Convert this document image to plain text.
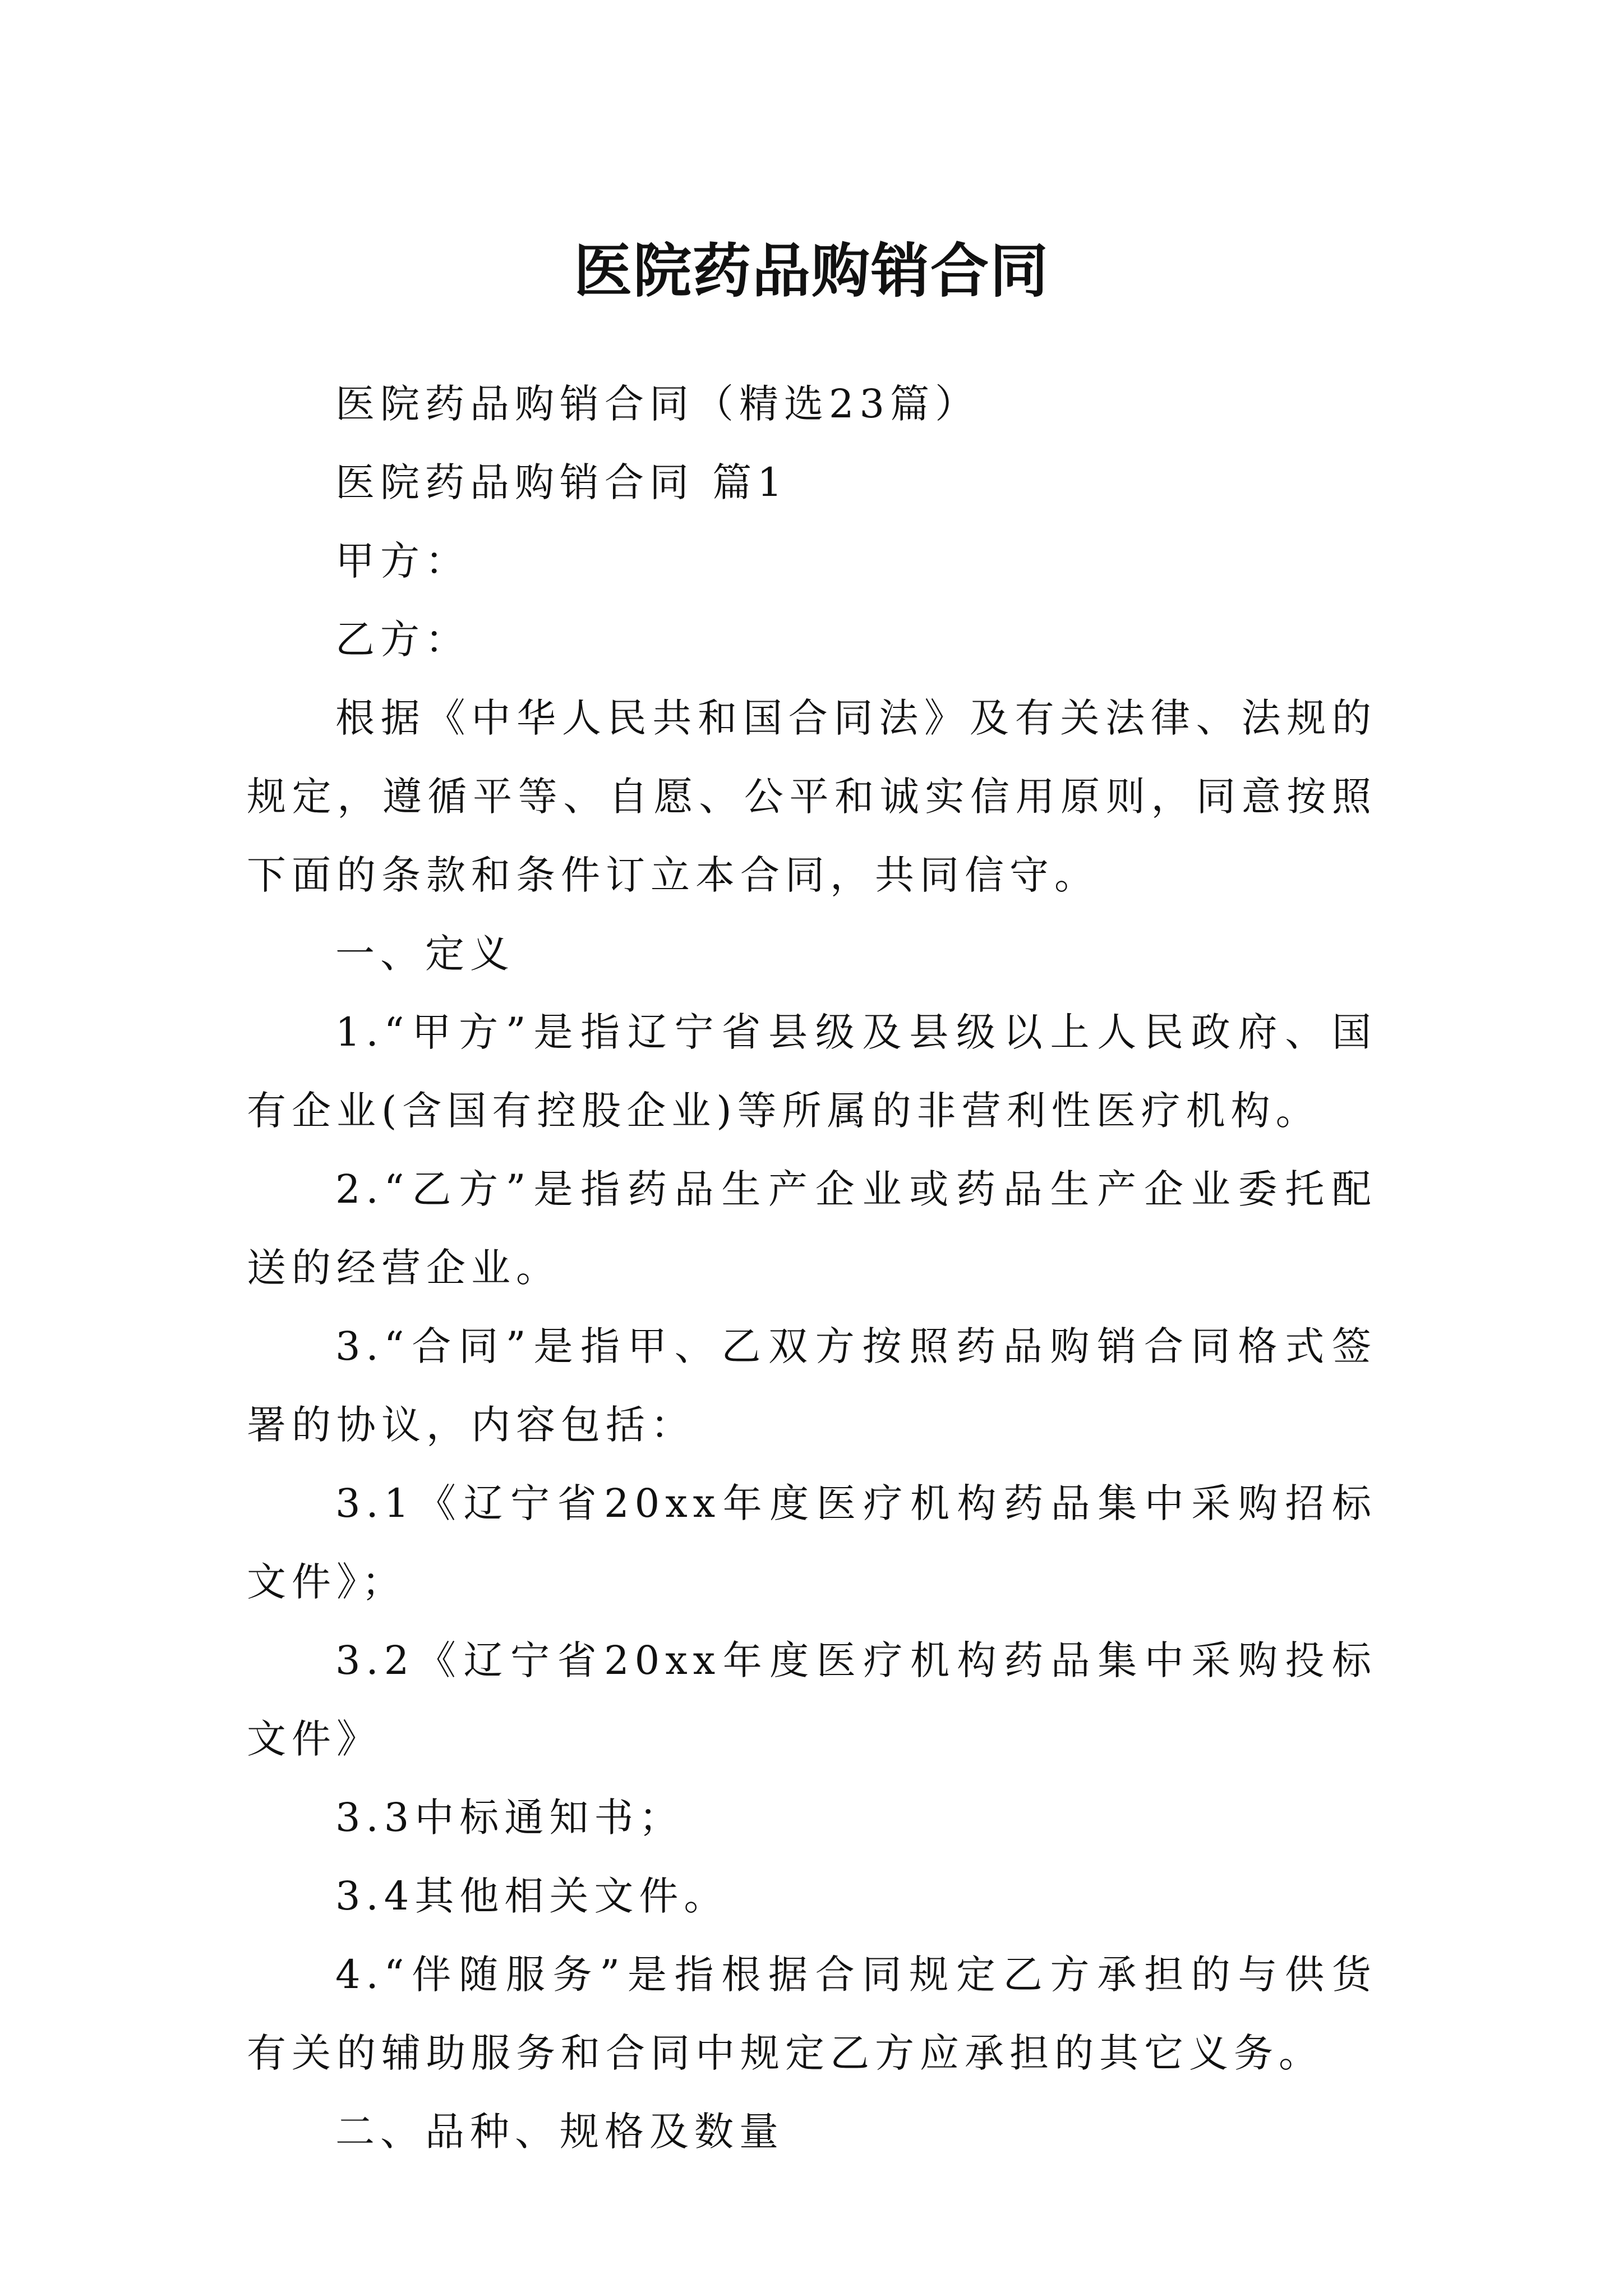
医院药品购销合同

医院药品购销合同（精选23篇）

医院药品购销合同 篇1

甲方：

乙方：

根据《中华人民共和国合同法》及有关法律、法规的规定，遵循平等、自愿、公平和诚实信用原则，同意按照下面的条款和条件订立本合同，共同信守。

一、定义

1.“甲方”是指辽宁省县级及县级以上人民政府、国有企业(含国有控股企业)等所属的非营利性医疗机构。

2.“乙方”是指药品生产企业或药品生产企业委托配送的经营企业。

3.“合同”是指甲、乙双方按照药品购销合同格式签署的协议，内容包括：

3.1《辽宁省20xx年度医疗机构药品集中采购招标文件》；

3.2《辽宁省20xx年度医疗机构药品集中采购投标文件》

3.3中标通知书；

3.4其他相关文件。

4.“伴随服务”是指根据合同规定乙方承担的与供货有关的辅助服务和合同中规定乙方应承担的其它义务。

二、品种、规格及数量
